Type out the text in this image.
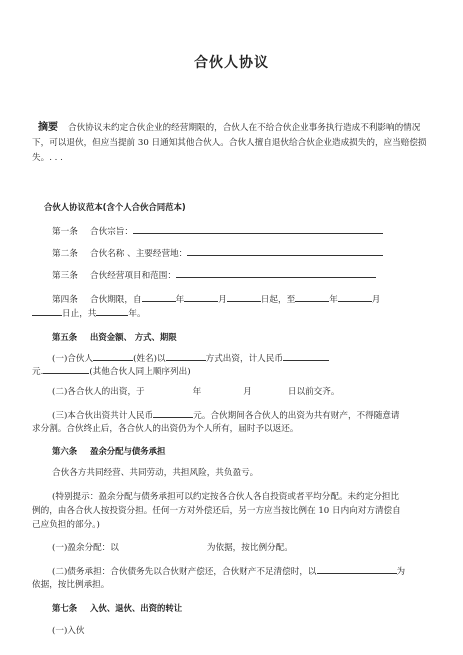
合伙人协议
摘要 合伙协议未约定合伙企业的经营期限的，合伙人在不给合伙企业事务执行造成不利影响的情况下，可以退伙，但应当提前 30 日通知其他合伙人。合伙人擅自退伙给合伙企业造成损失的，应当赔偿损失。. . .
合伙人协议范本(含个人合伙合同范本)
第一条 合伙宗旨：
第二条 合伙名称 、主要经营地：
第三条 合伙经营项目和范围：
第四条 合伙期限，自	年	月	日起，至	年	月
日止，共	年。
第五条 出资金额、 方式、期限
(一)合伙人	(姓名)以	方式出资，计人民币
元.	(其他合伙人同上顺序列出)
(二)各合伙人的出资，于	年	月	日以前交齐。
(三)本合伙出资共计人民币	元。合伙期间各合伙人的出资为共有财产，不得随意请
求分割。合伙终止后，各合伙人的出资仍为个人所有，届时予以返还。
第六条 盈余分配与债务承担
合伙各方共同经营、共同劳动，共担风险，共负盈亏。
(特别提示：盈余分配与债务承担可以约定按各合伙人各自投资或者平均分配。未约定分担比
例的，由各合伙人按投资分担。任何一方对外偿还后，另一方应当按比例在 10 日内向对方清偿自
己应负担的部分。)
(一)盈余分配：以	为依据，按比例分配。
(二)债务承担：合伙债务先以合伙财产偿还，合伙财产不足清偿时，以	为
依据，按比例承担。
第七条 入伙、退伙、出资的转让
(一)入伙
